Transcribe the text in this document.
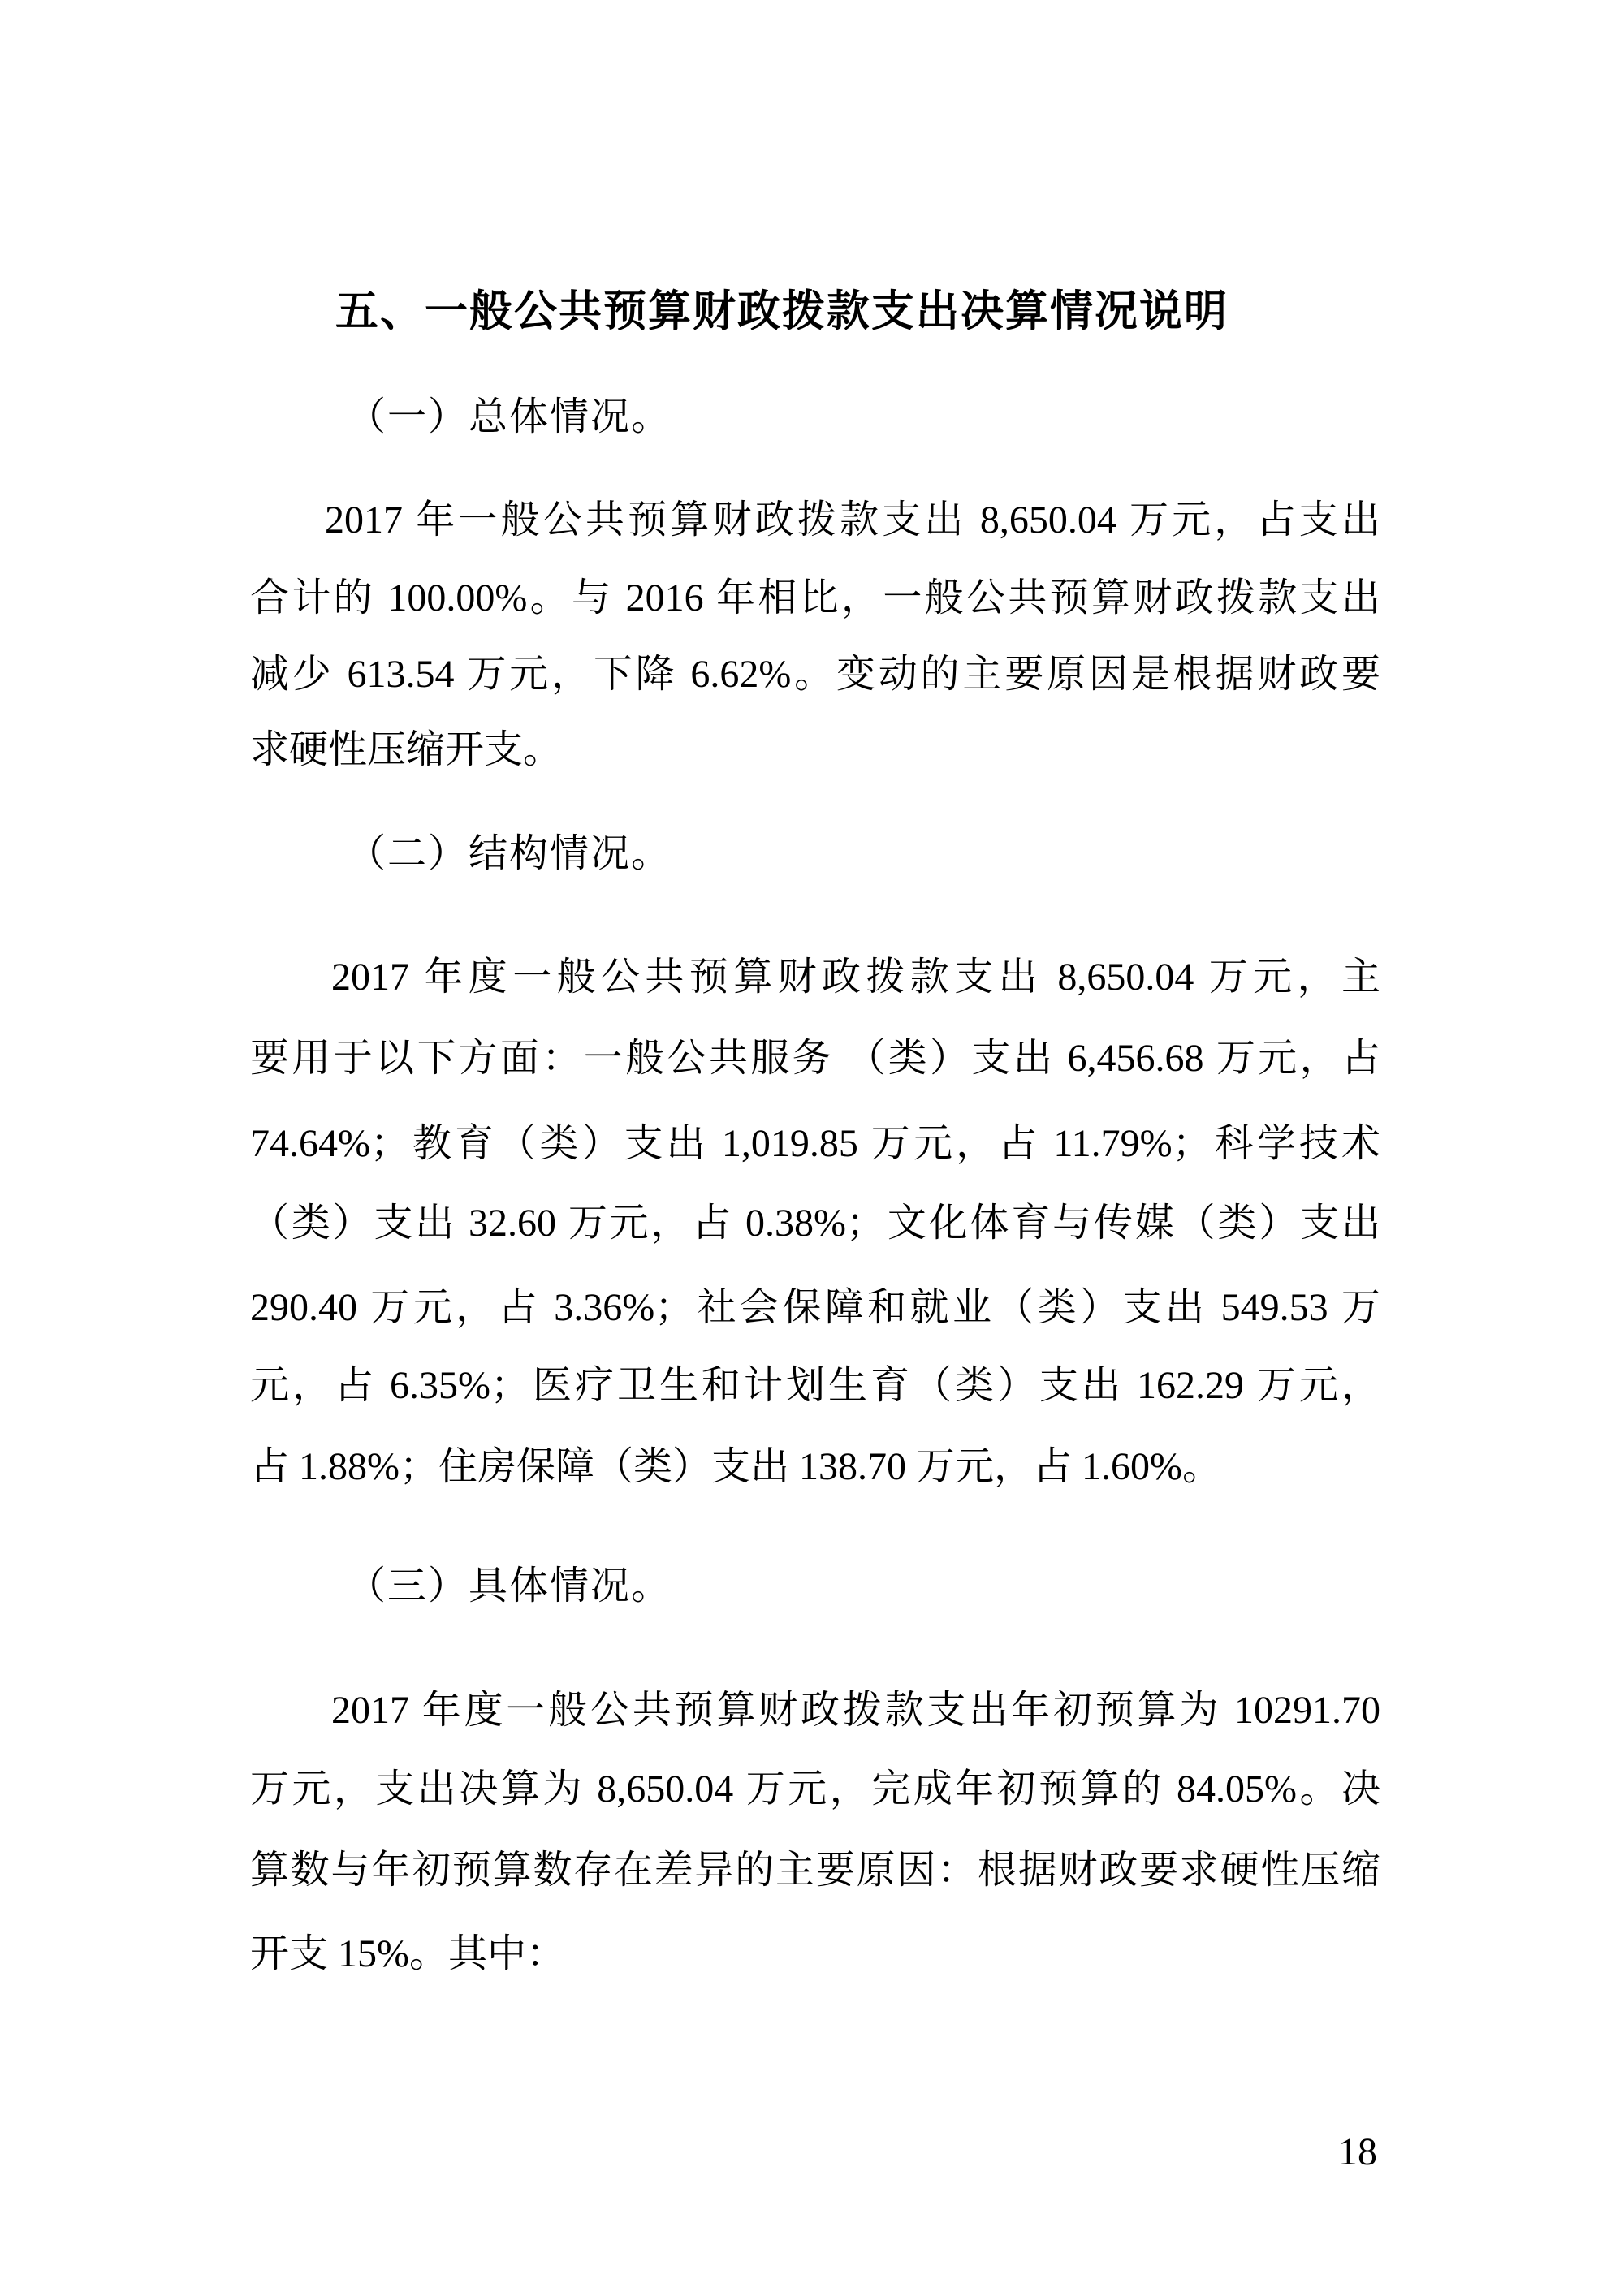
五、一般公共预算财政拨款支出决算情况说明
（一）总体情况。
2017 年一般公共预算财政拨款支出 8,650.04 万元，占支出
合计的 100.00%。与 2016 年相比，一般公共预算财政拨款支出
减少 613.54 万元，下降 6.62%。变动的主要原因是根据财政要
求硬性压缩开支。
（二）结构情况。
2017 年度一般公共预算财政拨款支出 8,650.04 万元，主
要用于以下方面：一般公共服务 （类）支出 6,456.68 万元，占
74.64%；教育（类）支出 1,019.85 万元，占 11.79%；科学技术
（类）支出 32.60 万元，占 0.38%；文化体育与传媒（类）支出
290.40 万元，占 3.36%；社会保障和就业（类）支出 549.53 万
元，占 6.35%；医疗卫生和计划生育（类）支出 162.29 万元，
占 1.88%；住房保障（类）支出 138.70 万元，占 1.60%。
（三）具体情况。
2017 年度一般公共预算财政拨款支出年初预算为 10291.70
万元，支出决算为 8,650.04 万元，完成年初预算的 84.05%。决
算数与年初预算数存在差异的主要原因：根据财政要求硬性压缩
开支 15%。其中：
18
